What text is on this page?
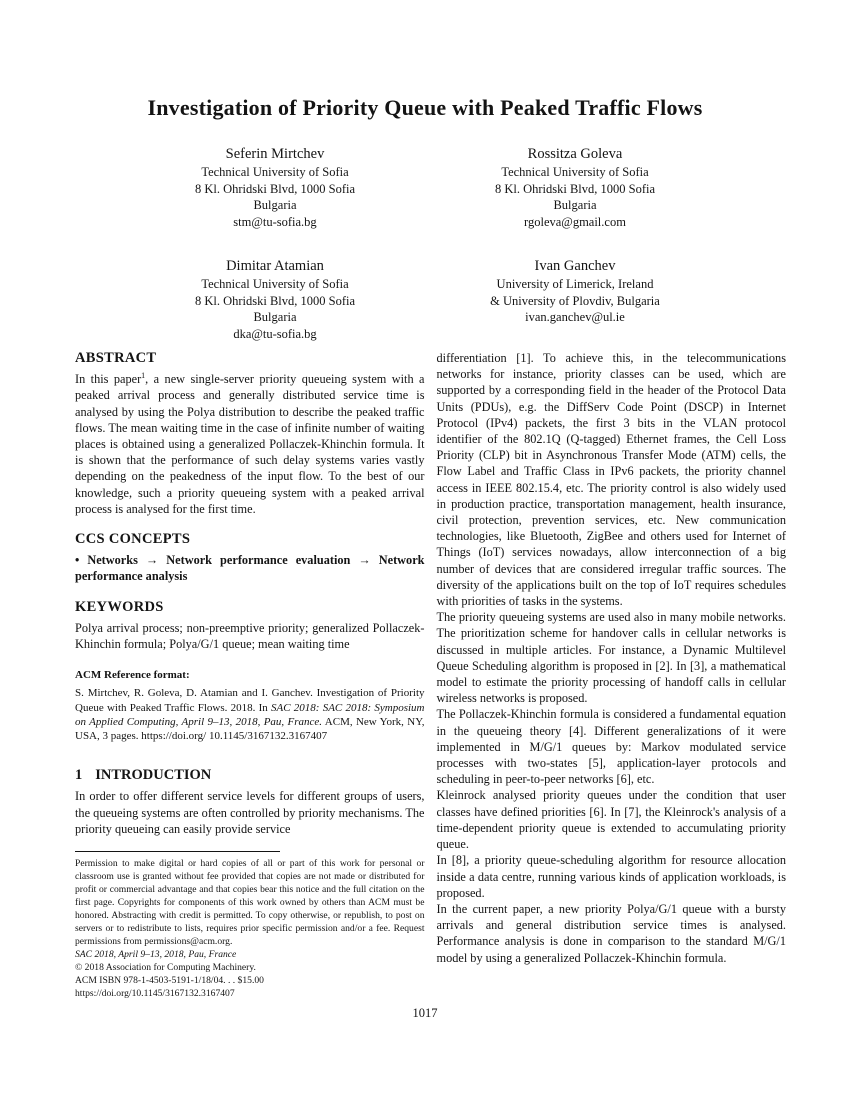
Investigation of Priority Queue with Peaked Traffic Flows
Seferin Mirtchev
Technical University of Sofia
8 Kl. Ohridski Blvd, 1000 Sofia
Bulgaria
stm@tu-sofia.bg
Rossitza Goleva
Technical University of Sofia
8 Kl. Ohridski Blvd, 1000 Sofia
Bulgaria
rgoleva@gmail.com
Dimitar Atamian
Technical University of Sofia
8 Kl. Ohridski Blvd, 1000 Sofia
Bulgaria
dka@tu-sofia.bg
Ivan Ganchev
University of Limerick, Ireland
& University of Plovdiv, Bulgaria
ivan.ganchev@ul.ie
ABSTRACT

In this paper$^1$, a new single-server priority queueing system with a peaked arrival process and generally distributed service time is analysed by using the Polya distribution to describe the peaked traffic flows. The mean waiting time in the case of infinite number of waiting places is obtained using a generalized Pollaczek-Khinchin formula. It is shown that the performance of such delay systems varies vastly depending on the peakedness of the input flow. To the best of our knowledge, such a priority queueing system with a peaked arrival process is analysed for the first time.

CCS CONCEPTS

• Networks → Network performance evaluation → Network performance analysis

KEYWORDS

Polya arrival process; non-preemptive priority; generalized Pollaczek-Khinchin formula; Polya/G/1 queue; mean waiting time

ACM Reference format:

S. Mirtchev, R. Goleva, D. Atamian and I. Ganchev. Investigation of Priority Queue with Peaked Traffic Flows. 2018. In SAC 2018: SAC 2018: Symposium on Applied Computing, April 9–13, 2018, Pau, France. ACM, New York, NY, USA, 3 pages. https://doi.org/ 10.1145/3167132.3167407

1 INTRODUCTION

In order to offer different service levels for different groups of users, the queueing systems are often controlled by priority mechanisms. The priority queueing can easily provide service

Permission to make digital or hard copies of all or part of this work for personal or classroom use is granted without fee provided that copies are not made or distributed for profit or commercial advantage and that copies bear this notice and the full citation on the first page. Copyrights for components of this work owned by others than ACM must be honored. Abstracting with credit is permitted. To copy otherwise, or republish, to post on servers or to redistribute to lists, requires prior specific permission and/or a fee. Request permissions from permissions@acm.org.

SAC 2018, April 9–13, 2018, Pau, France

© 2018 Association for Computing Machinery.

ACM ISBN 978-1-4503-5191-1/18/04. . . $15.00

https://doi.org/10.1145/3167132.3167407

differentiation [1]. To achieve this, in the telecommunications networks for instance, priority classes can be used, which are supported by a corresponding field in the header of the Protocol Data Units (PDUs), e.g. the DiffServ Code Point (DSCP) in Internet Protocol (IPv4) packets, the first 3 bits in the VLAN protocol identifier of the 802.1Q (Q-tagged) Ethernet frames, the Cell Loss Priority (CLP) bit in Asynchronous Transfer Mode (ATM) cells, the Flow Label and Traffic Class in IPv6 packets, the priority channel access in IEEE 802.15.4, etc. The priority control is also widely used in production practice, transportation management, health insurance, civil protection, prevention services, etc. New communication technologies, like Bluetooth, ZigBee and others used for Internet of Things (IoT) services nowadays, allow interconnection of a big number of devices that are considered irregular traffic sources. The diversity of the applications built on the top of IoT requires schedules with priorities of tasks in the systems.

The priority queueing systems are used also in many mobile networks. The prioritization scheme for handover calls in cellular networks is discussed in multiple articles. For instance, a Dynamic Multilevel Queue Scheduling algorithm is proposed in [2]. In [3], a mathematical model to estimate the priority processing of handoff calls in cellular wireless networks is proposed.

The Pollaczek-Khinchin formula is considered a fundamental equation in the queueing theory [4]. Different generalizations of it were implemented in M/G/1 queues by: Markov modulated service processes with two-states [5], application-layer protocols and scheduling in peer-to-peer networks [6], etc.

Kleinrock analysed priority queues under the condition that user classes have defined priorities [6]. In [7], the Kleinrock's analysis of a time-dependent priority queue is extended to accumulating priority queue.

In [8], a priority queue-scheduling algorithm for resource allocation inside a data centre, running various kinds of application workloads, is proposed.

In the current paper, a new priority Polya/G/1 queue with a bursty arrivals and general distribution service times is analysed. Performance analysis is done in comparison to the standard M/G/1 model by using a generalized Pollaczek-Khinchin formula.

1017
